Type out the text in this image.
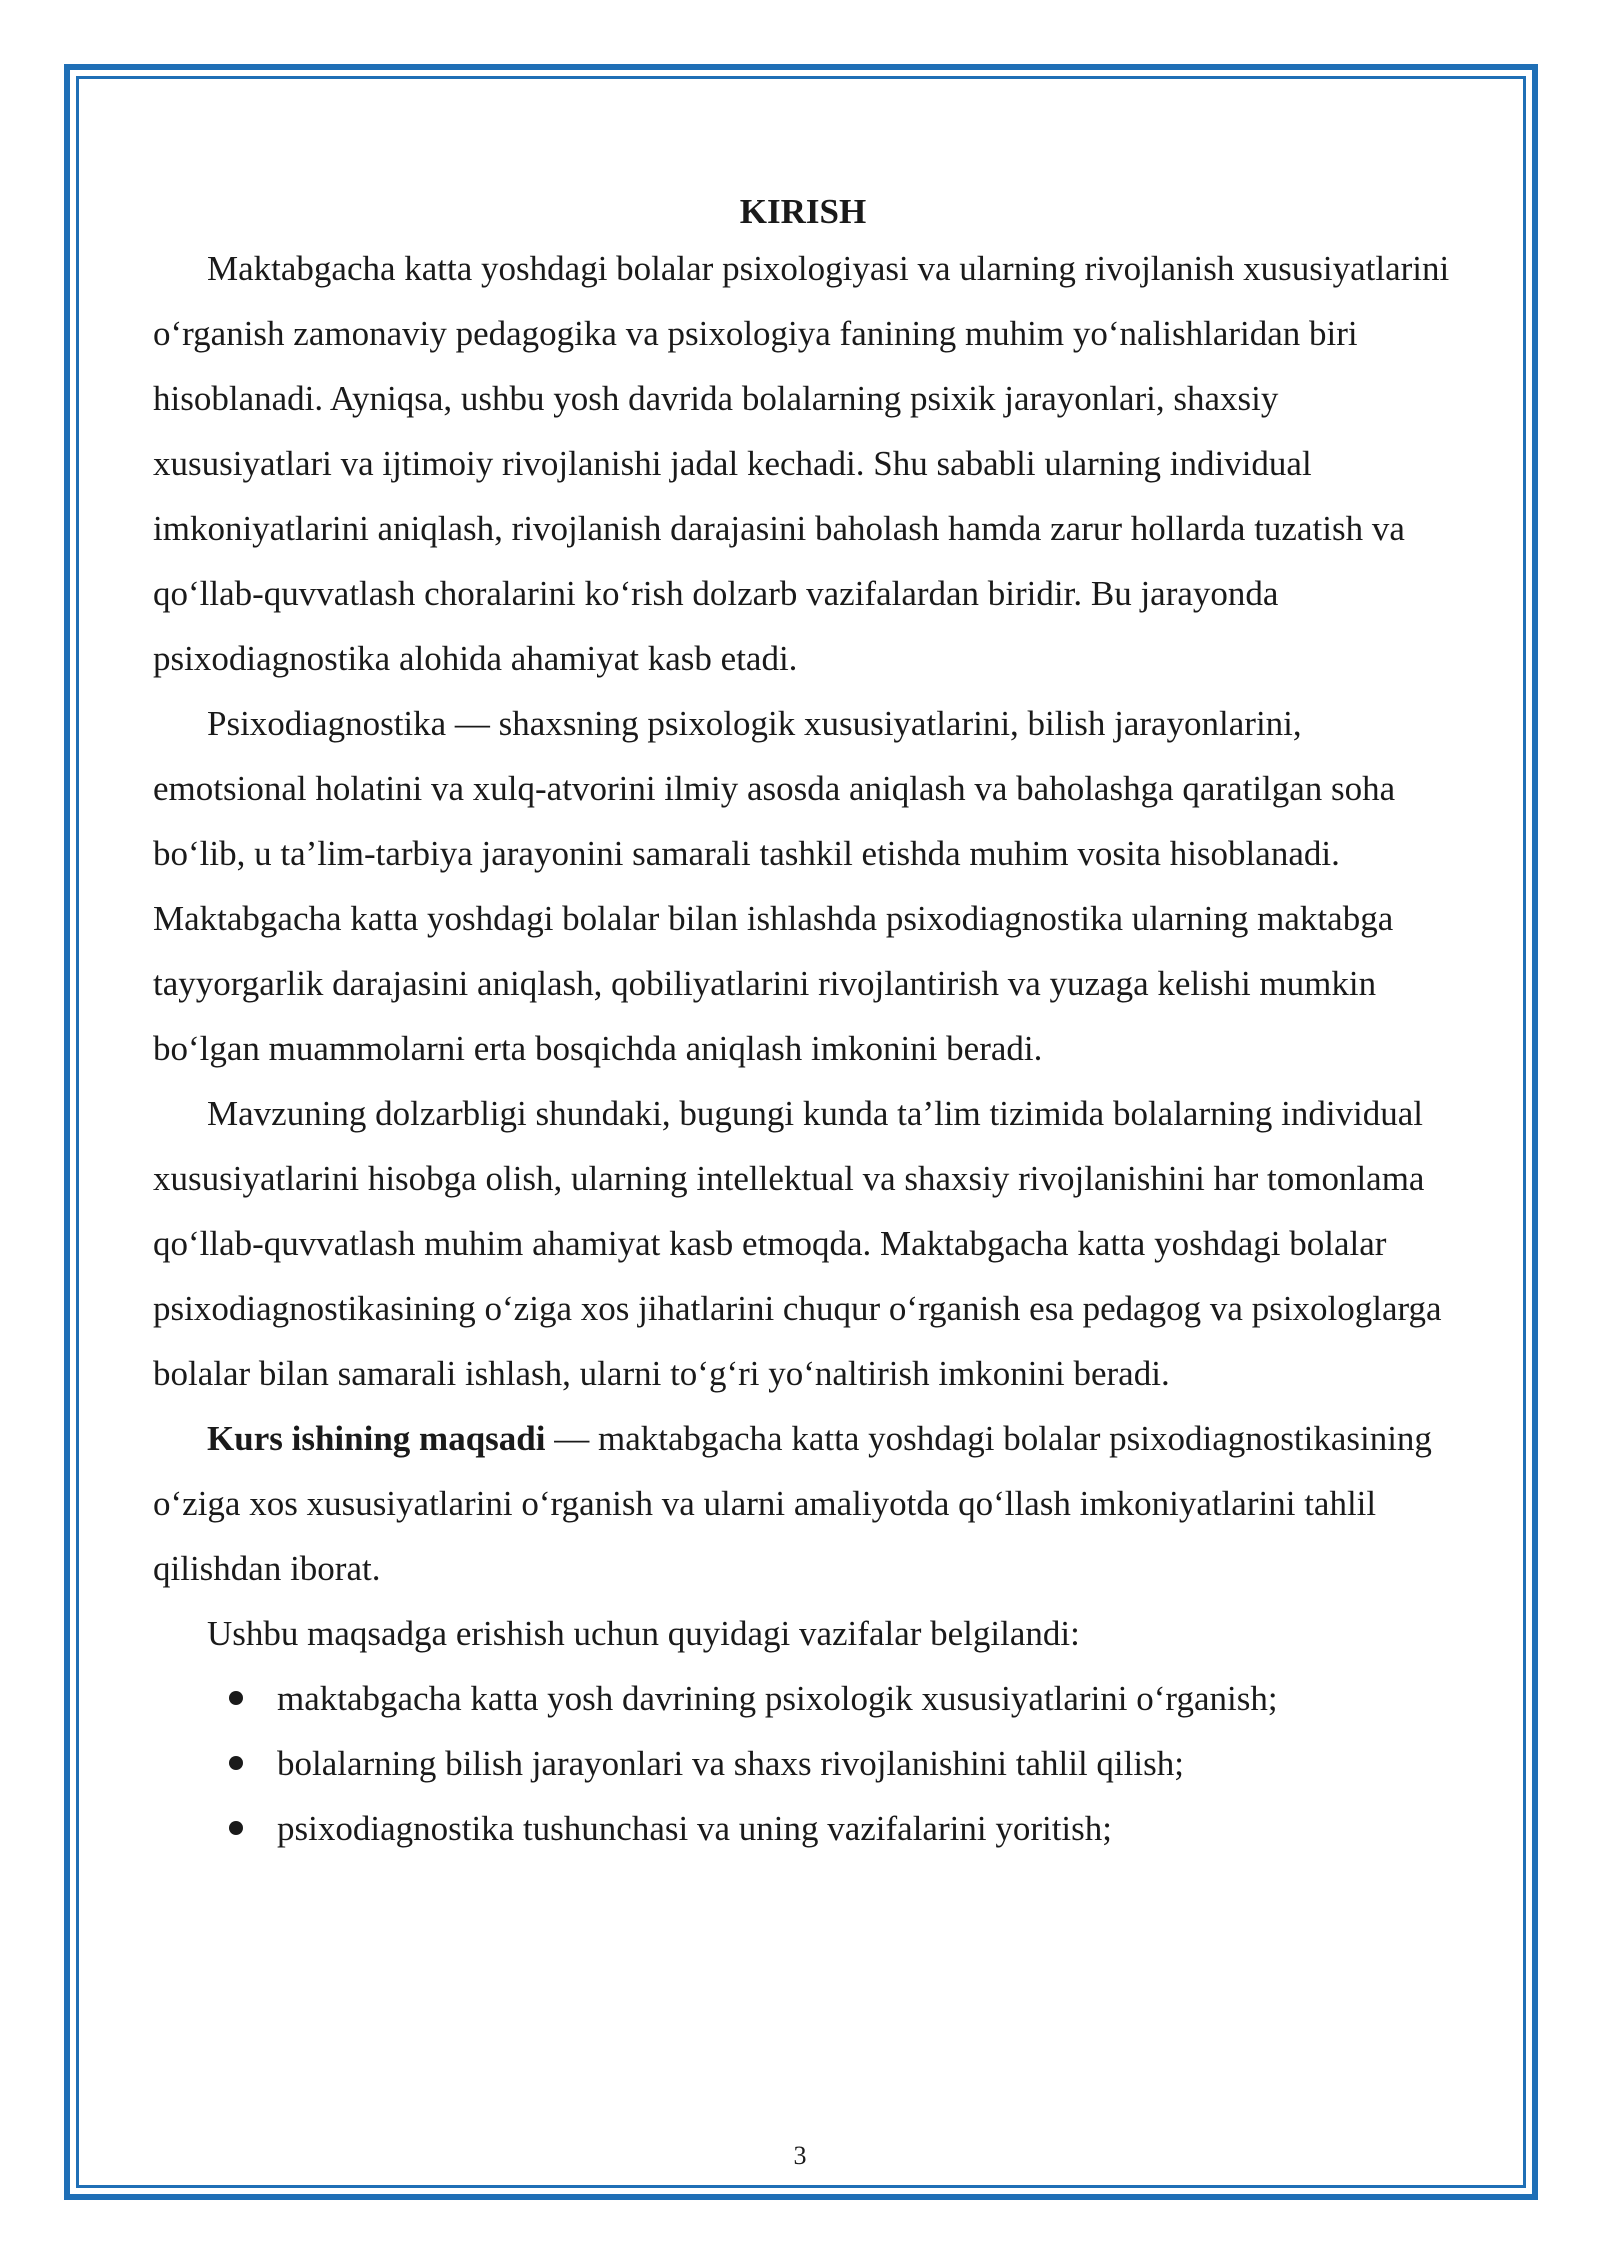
KIRISH

Maktabgacha katta yoshdagi bolalar psixologiyasi va ularning rivojlanish xususiyatlarini o‘rganish zamonaviy pedagogika va psixologiya fanining muhim yo‘nalishlaridan biri hisoblanadi. Ayniqsa, ushbu yosh davrida bolalarning psixik jarayonlari, shaxsiy xususiyatlari va ijtimoiy rivojlanishi jadal kechadi. Shu sababli ularning individual imkoniyatlarini aniqlash, rivojlanish darajasini baholash hamda zarur hollarda tuzatish va qo‘llab-quvvatlash choralarini ko‘rish dolzarb vazifalardan biridir. Bu jarayonda psixodiagnostika alohida ahamiyat kasb etadi.

Psixodiagnostika — shaxsning psixologik xususiyatlarini, bilish jarayonlarini, emotsional holatini va xulq-atvorini ilmiy asosda aniqlash va baholashga qaratilgan soha bo‘lib, u ta’lim-tarbiya jarayonini samarali tashkil etishda muhim vosita hisoblanadi. Maktabgacha katta yoshdagi bolalar bilan ishlashda psixodiagnostika ularning maktabga tayyorgarlik darajasini aniqlash, qobiliyatlarini rivojlantirish va yuzaga kelishi mumkin bo‘lgan muammolarni erta bosqichda aniqlash imkonini beradi.

Mavzuning dolzarbligi shundaki, bugungi kunda ta’lim tizimida bolalarning individual xususiyatlarini hisobga olish, ularning intellektual va shaxsiy rivojlanishini har tomonlama qo‘llab-quvvatlash muhim ahamiyat kasb etmoqda. Maktabgacha katta yoshdagi bolalar psixodiagnostikasining o‘ziga xos jihatlarini chuqur o‘rganish esa pedagog va psixologlarga bolalar bilan samarali ishlash, ularni to‘g‘ri yo‘naltirish imkonini beradi.

Kurs ishining maqsadi — maktabgacha katta yoshdagi bolalar psixodiagnostikasining o‘ziga xos xususiyatlarini o‘rganish va ularni amaliyotda qo‘llash imkoniyatlarini tahlil qilishdan iborat.

Ushbu maqsadga erishish uchun quyidagi vazifalar belgilandi:

maktabgacha katta yosh davrining psixologik xususiyatlarini o‘rganish;
bolalarning bilish jarayonlari va shaxs rivojlanishini tahlil qilish;
psixodiagnostika tushunchasi va uning vazifalarini yoritish;
3
